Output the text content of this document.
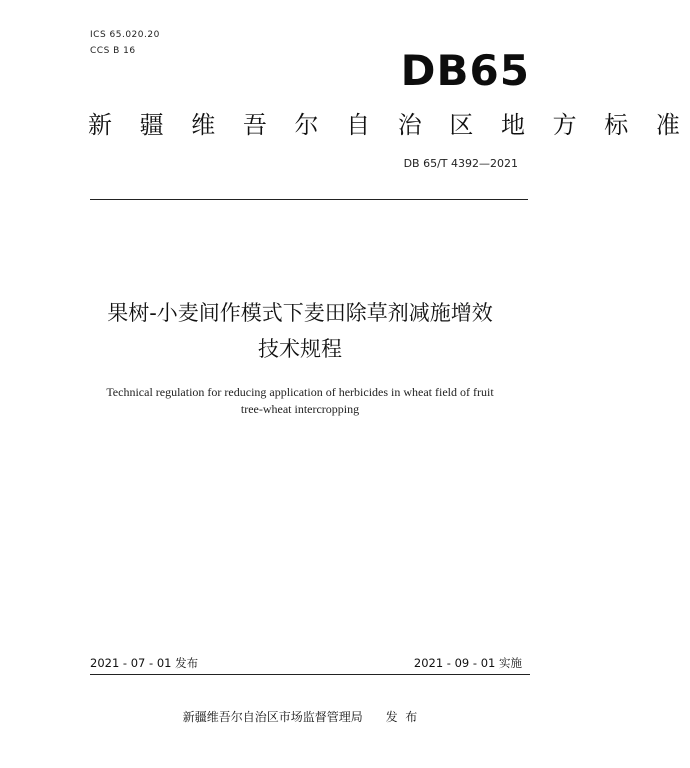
ICS 65.020.20
CCS B 16	DB65
新 疆 维 吾 尔 自 治 区 地 方 标 准
DB 65/T 4392—2021
果树-小麦间作模式下麦田除草剂减施增效
技术规程
Technical regulation for reducing application of herbicides in wheat field of fruit
tree-wheat intercropping
2021 - 07 - 01 发布	2021 - 09 - 01 实施
新疆维吾尔自治区市场监督管理局      发  布
